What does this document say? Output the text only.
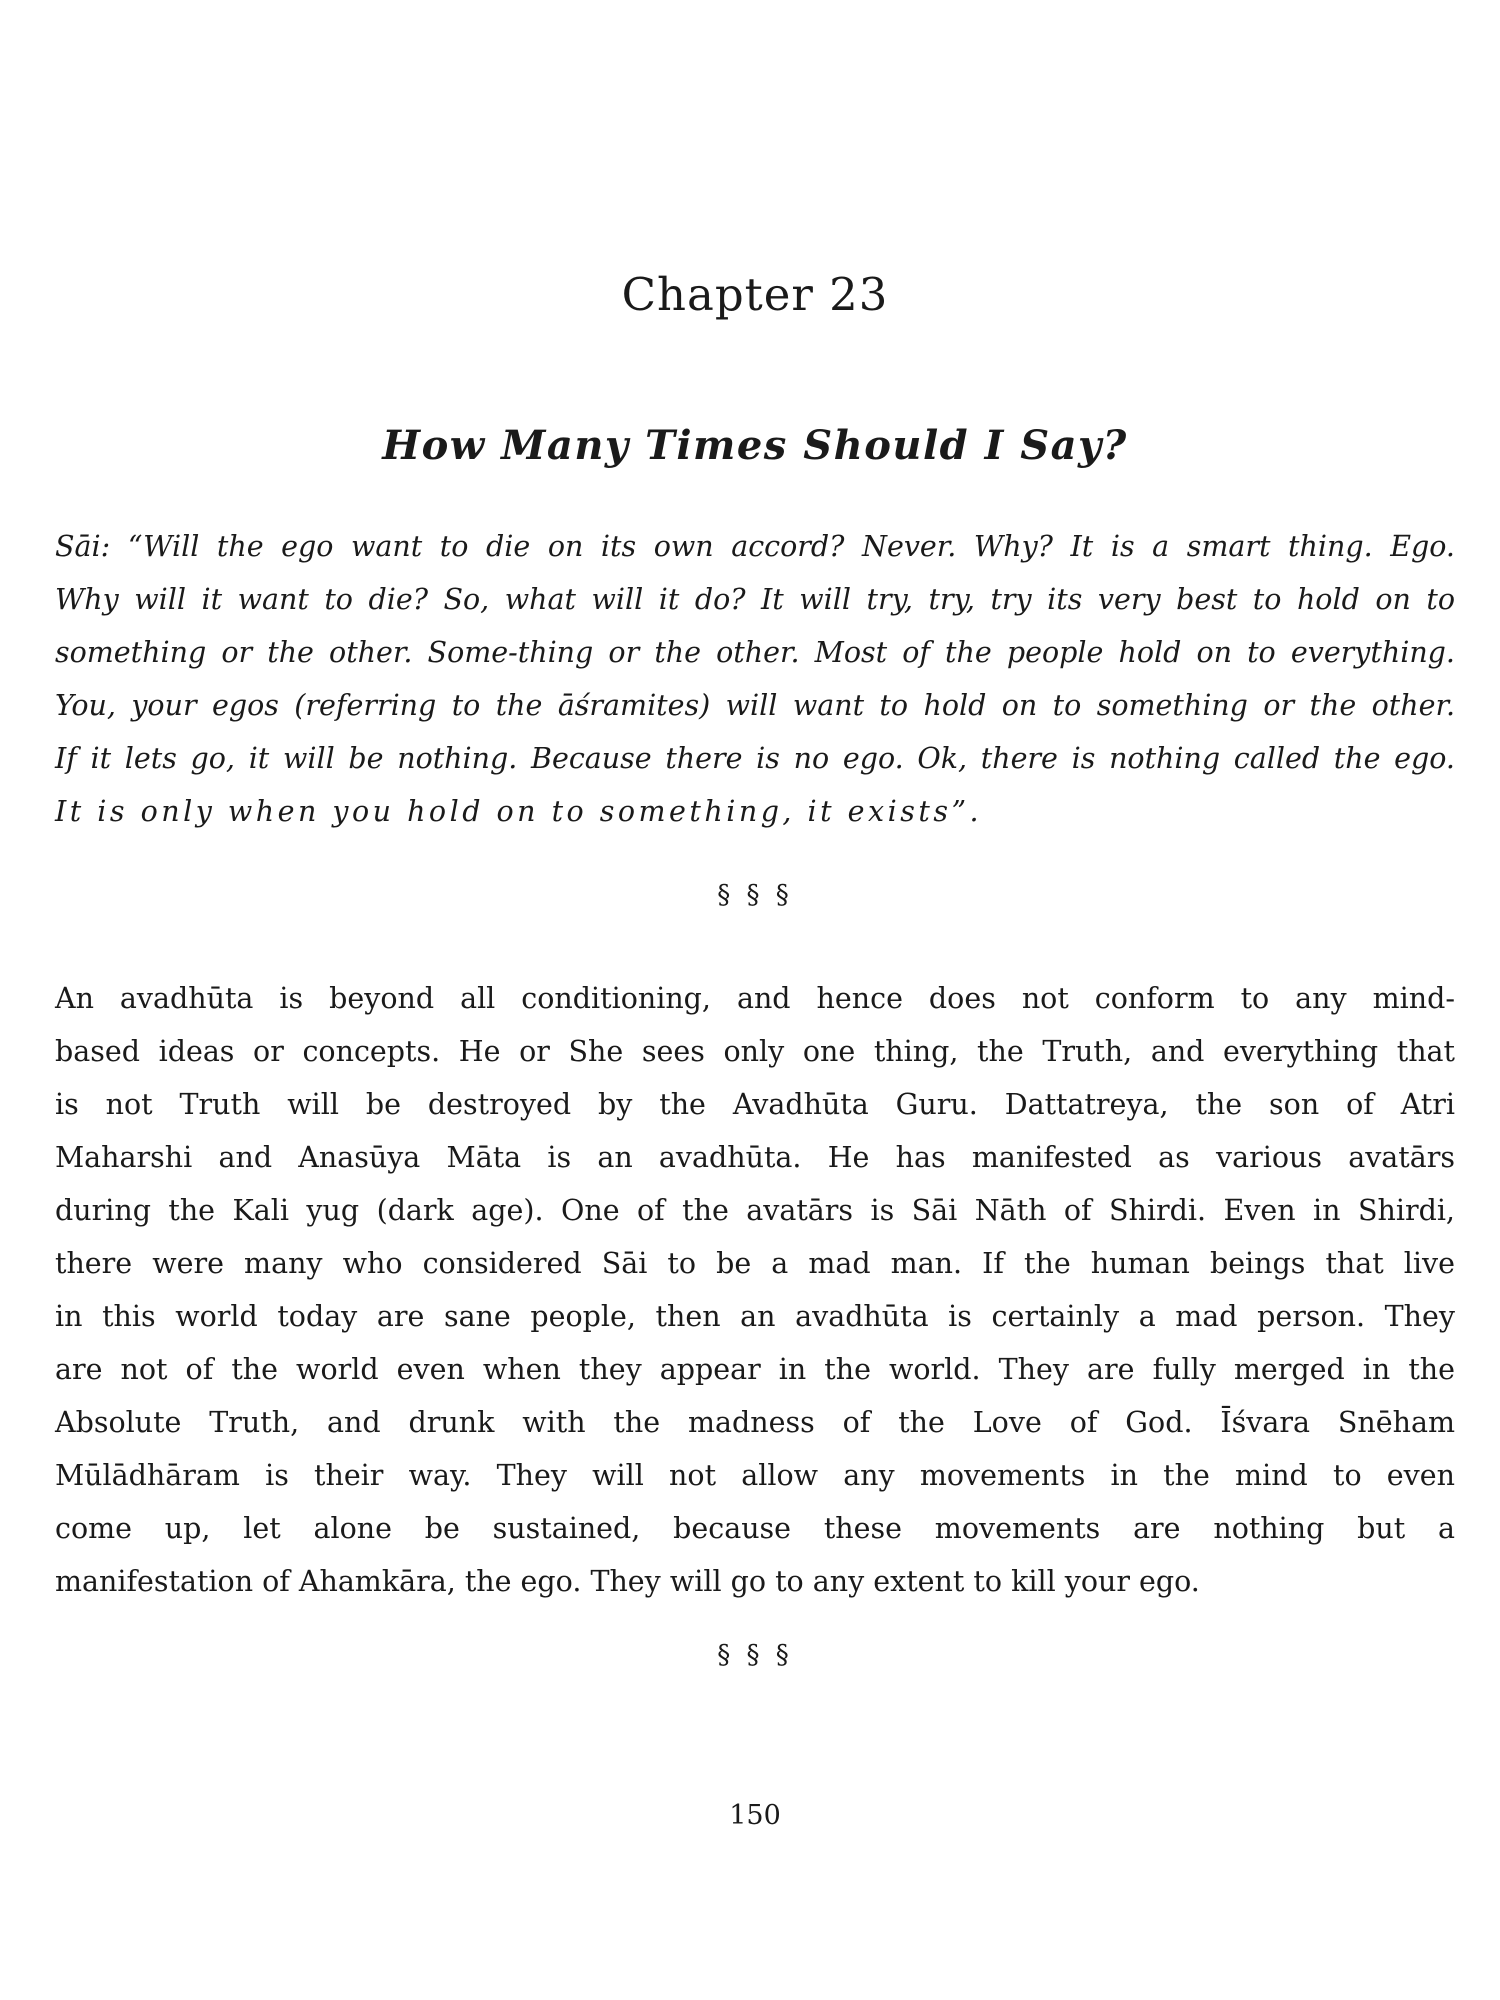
Chapter 23
How Many Times Should I Say?
Sāi: “Will the ego want to die on its own accord? Never. Why? It is a smart thing. Ego.
Why will it want to die? So, what will it do? It will try, try, try its very best to hold on to
something or the other. Some-thing or the other. Most of the people hold on to everything.
You, your egos (referring to the āśramites) will want to hold on to something or the other.
If it lets go, it will be nothing. Because there is no ego. Ok, there is nothing called the ego.
It is only when you hold on to something, it exists”.
§ § §
An avadhūta is beyond all conditioning, and hence does not conform to any mind-
based ideas or concepts. He or She sees only one thing, the Truth, and everything that
is not Truth will be destroyed by the Avadhūta Guru. Dattatreya, the son of Atri
Maharshi and Anasūya Māta is an avadhūta. He has manifested as various avatārs
during the Kali yug (dark age). One of the avatārs is Sāi Nāth of Shirdi. Even in Shirdi,
there were many who considered Sāi to be a mad man. If the human beings that live
in this world today are sane people, then an avadhūta is certainly a mad person. They
are not of the world even when they appear in the world. They are fully merged in the
Absolute Truth, and drunk with the madness of the Love of God. Īśvara Snēham
Mūlādhāram is their way. They will not allow any movements in the mind to even
come up, let alone be sustained, because these movements are nothing but a
manifestation of Ahamkāra, the ego. They will go to any extent to kill your ego.
§ § §
150
